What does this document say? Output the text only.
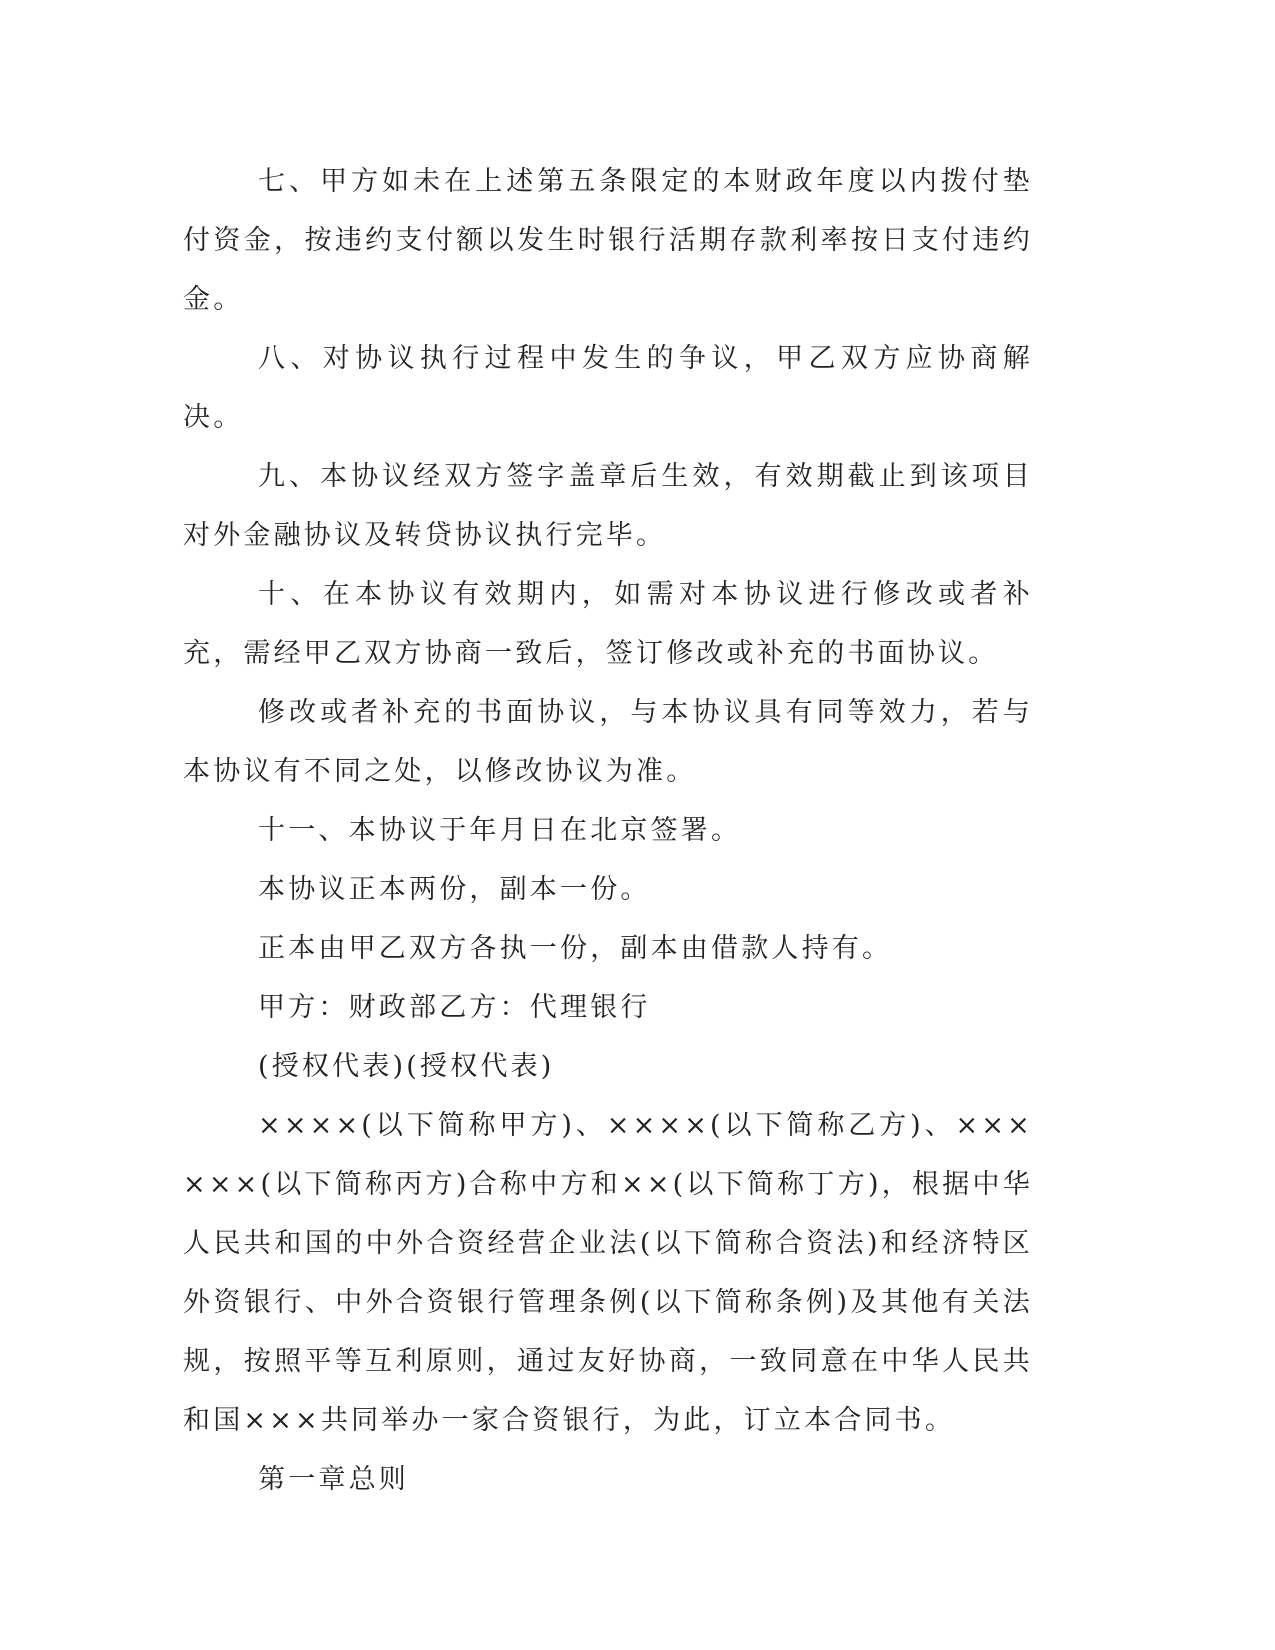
七、甲方如未在上述第五条限定的本财政年度以内拨付垫付资金，按违约支付额以发生时银行活期存款利率按日支付违约金。

八、对协议执行过程中发生的争议，甲乙双方应协商解决。

九、本协议经双方签字盖章后生效，有效期截止到该项目对外金融协议及转贷协议执行完毕。

十、在本协议有效期内，如需对本协议进行修改或者补充，需经甲乙双方协商一致后，签订修改或补充的书面协议。

修改或者补充的书面协议，与本协议具有同等效力，若与本协议有不同之处，以修改协议为准。

十一、本协议于年月日在北京签署。

本协议正本两份，副本一份。

正本由甲乙双方各执一份，副本由借款人持有。

甲方：财政部乙方：代理银行

(授权代表)(授权代表)

××××(以下简称甲方)、××××(以下简称乙方)、××××××(以下简称丙方)合称中方和××(以下简称丁方)，根据中华人民共和国的中外合资经营企业法(以下简称合资法)和经济特区外资银行、中外合资银行管理条例(以下简称条例)及其他有关法规，按照平等互利原则，通过友好协商，一致同意在中华人民共和国×××共同举办一家合资银行，为此，订立本合同书。

第一章总则
